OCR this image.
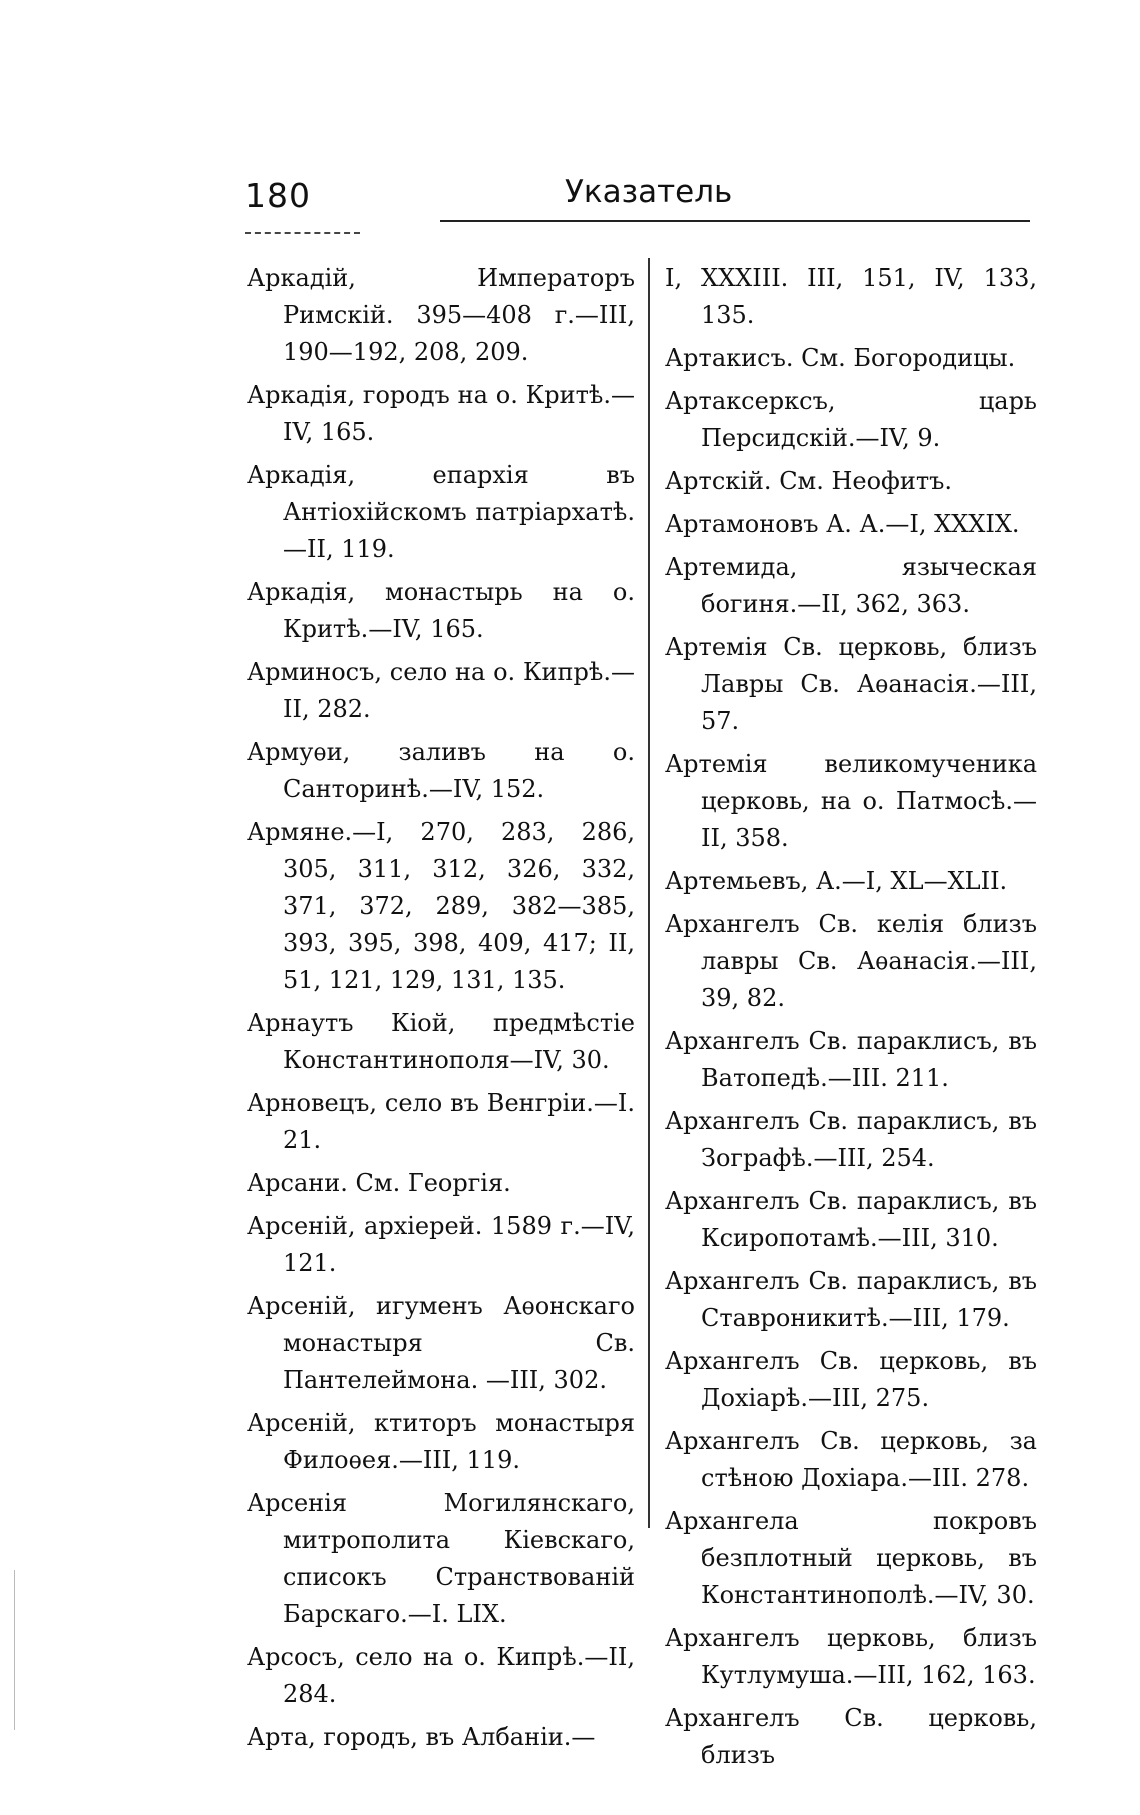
180	Указатель

Аркадій, Императоръ Римскій. 395—408 г.—III, 190—192, 208, 209.

Аркадія, городъ на о. Критѣ.—IV, 165.

Аркадія, епархія въ Антіохійскомъ патріархатѣ.—II, 119.

Аркадія, монастырь на о. Критѣ.—IV, 165.

Арминосъ, село на о. Кипрѣ.—II, 282.

Армуѳи, заливъ на о. Санторинѣ.—IV, 152.

Армяне.—I, 270, 283, 286, 305, 311, 312, 326, 332, 371, 372, 289, 382—385, 393, 395, 398, 409, 417; II, 51, 121, 129, 131, 135.

Арнаутъ Кіой, предмѣстіе Константинополя—IV, 30.

Арновецъ, село въ Венгріи.—I. 21.

Арсани. См. Георгія.

Арсеній, архіерей. 1589 г.—IV, 121.

Арсеній, игуменъ Аѳонскаго монастыря Св. Пантелеймона. —III, 302.

Арсеній, ктиторъ монастыря Филоѳея.—III, 119.

Арсенія Могилянскаго, митрополита Кіевскаго, списокъ Странствованій Барскаго.—I. LIX.

Арсосъ, село на о. Кипрѣ.—II, 284.

Арта, городъ, въ Албаніи.—

I, XXXIII. III, 151, IV, 133, 135.

Артакисъ. См. Богородицы.

Артаксерксъ, царь Персидскій.—IV, 9.

Артскій. См. Неофитъ.

Артамоновъ А. А.—I, XXXIX.

Артемида, языческая богиня.—II, 362, 363.

Артемія Св. церковь, близъ Лавры Св. Аѳанасія.—III, 57.

Артемія великомученика церковь, на о. Патмосѣ.—II, 358.

Артемьевъ, А.—I, XL—XLII.

Архангелъ Св. келія близъ лавры Св. Аѳанасія.—III, 39, 82.

Архангелъ Св. параклисъ, въ Ватопедѣ.—III. 211.

Архангелъ Св. параклисъ, въ Зографѣ.—III, 254.

Архангелъ Св. параклисъ, въ Ксиропотамѣ.—III, 310.

Архангелъ Св. параклисъ, въ Ставроникитѣ.—III, 179.

Архангелъ Св. церковь, въ Дохіарѣ.—III, 275.

Архангелъ Св. церковь, за стѣною Дохіара.—III. 278.

Архангела покровъ безплотный церковь, въ Константинополѣ.—IV, 30.

Архангелъ церковь, близъ Кутлумуша.—III, 162, 163.

Архангелъ Св. церковь, близъ
